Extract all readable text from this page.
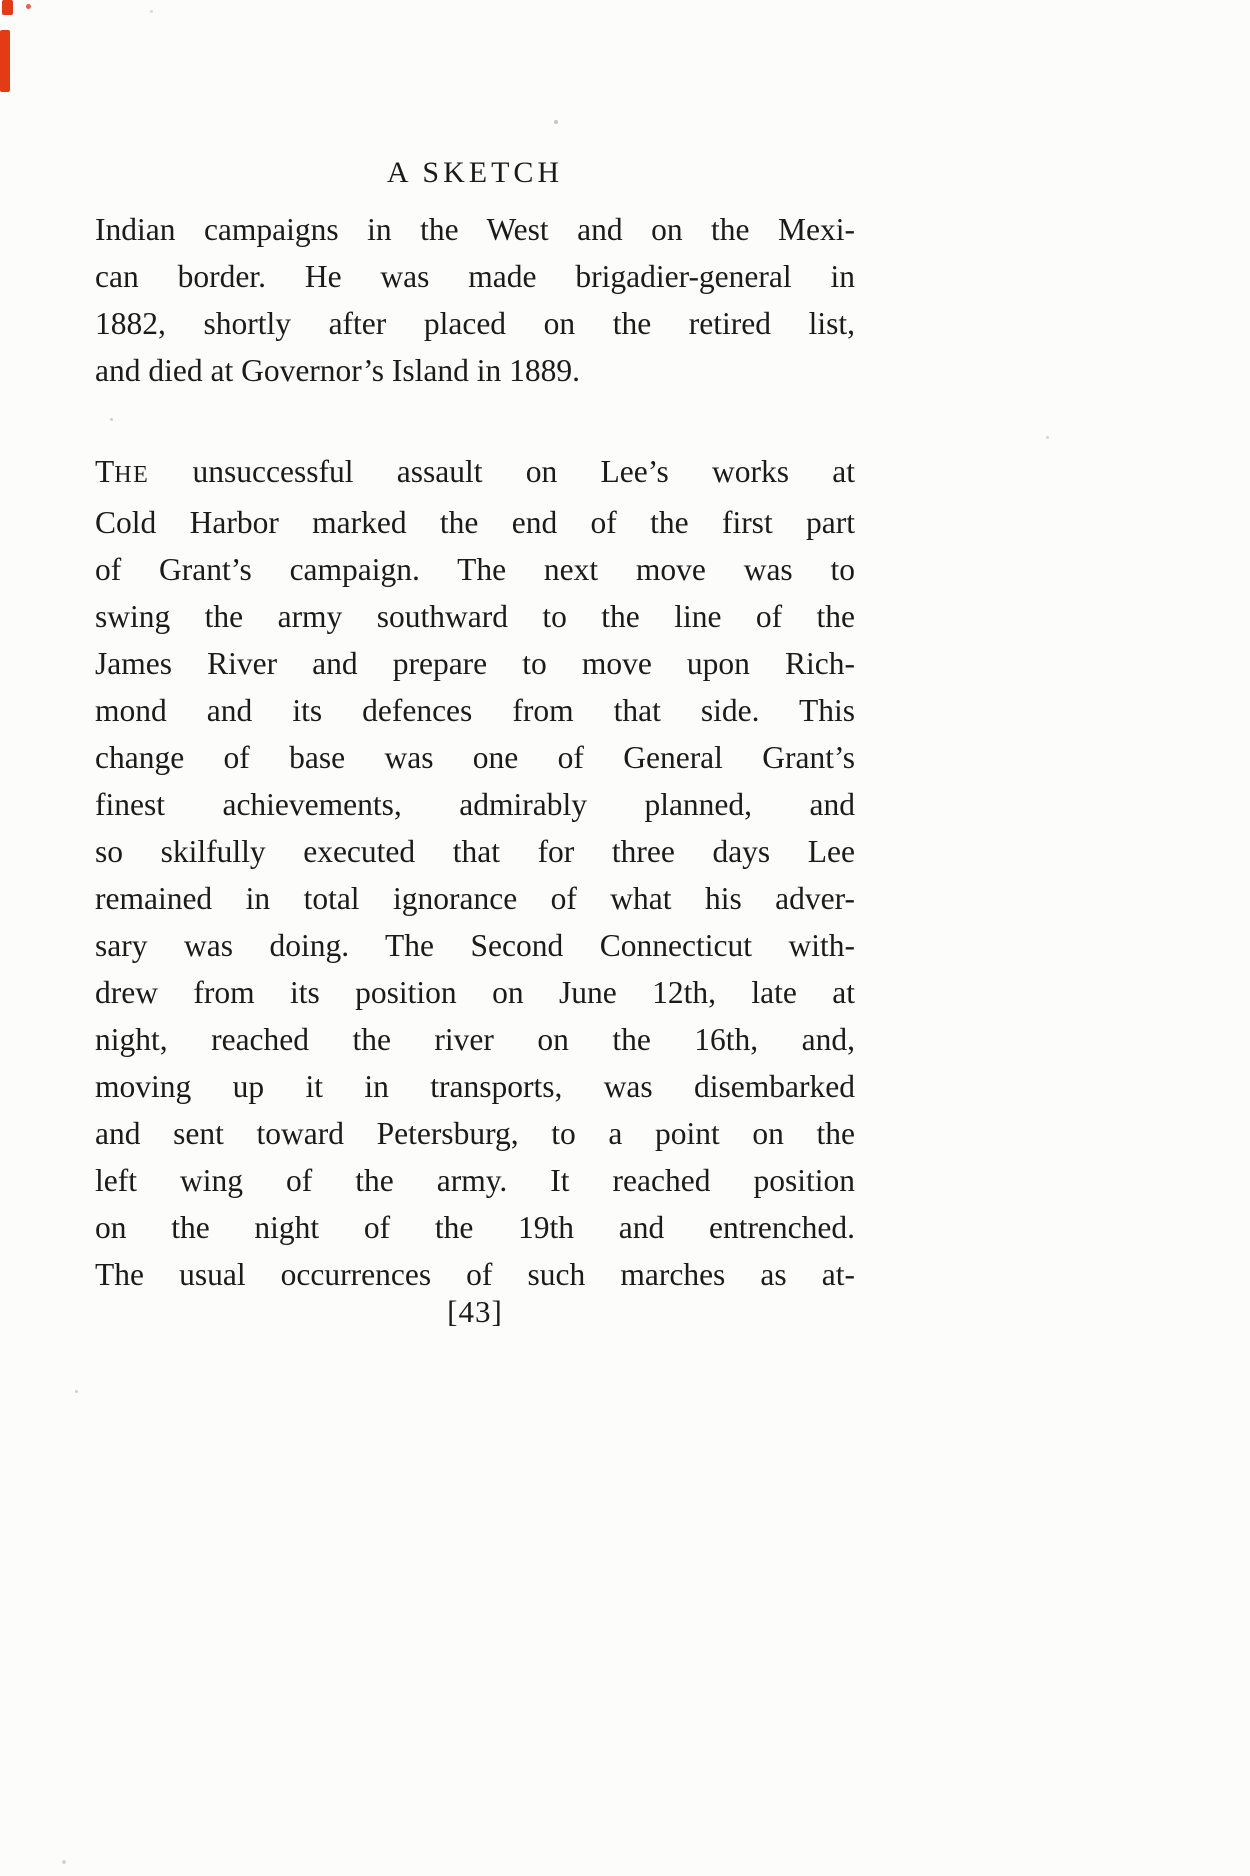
A SKETCH
Indian campaigns in the West and on the Mexi-
can border. He was made brigadier-general in
1882, shortly after placed on the retired list,
and died at Governor’s Island in 1889.
THE unsuccessful assault on Lee’s works at
Cold Harbor marked the end of the first part
of Grant’s campaign. The next move was to
swing the army southward to the line of the
James River and prepare to move upon Rich-
mond and its defences from that side. This
change of base was one of General Grant’s
finest achievements, admirably planned, and
so skilfully executed that for three days Lee
remained in total ignorance of what his adver-
sary was doing. The Second Connecticut with-
drew from its position on June 12th, late at
night, reached the river on the 16th, and,
moving up it in transports, was disembarked
and sent toward Petersburg, to a point on the
left wing of the army. It reached position
on the night of the 19th and entrenched.
The usual occurrences of such marches as at-
[43]
